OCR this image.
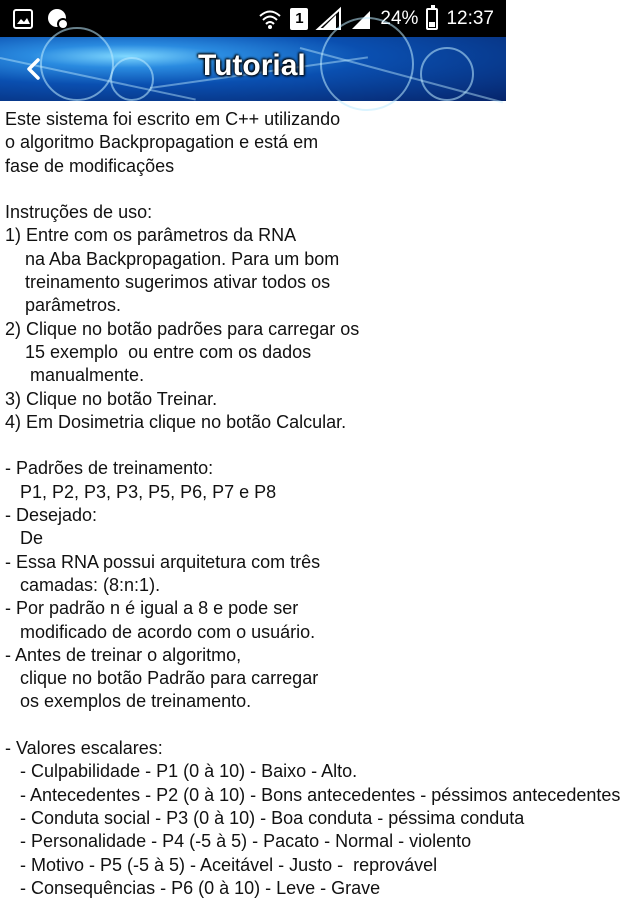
1	24% 12:37
Tutorial
Este sistema foi escrito em C++ utilizando
o algoritmo Backpropagation e está em
fase de modificações
Instruções de uso:
1) Entre com os parâmetros da RNA
na Aba Backpropagation. Para um bom
treinamento sugerimos ativar todos os
parâmetros.
2) Clique no botão padrões para carregar os
15 exemplo  ou entre com os dados
manualmente.
3) Clique no botão Treinar.
4) Em Dosimetria clique no botão Calcular.
- Padrões de treinamento:
P1, P2, P3, P3, P5, P6, P7 e P8
- Desejado:
De
- Essa RNA possui arquitetura com três
camadas: (8:n:1).
- Por padrão n é igual a 8 e pode ser
modificado de acordo com o usuário.
- Antes de treinar o algoritmo,
clique no botão Padrão para carregar
os exemplos de treinamento.
- Valores escalares:
- Culpabilidade - P1 (0 à 10) - Baixo - Alto.
- Antecedentes - P2 (0 à 10) - Bons antecedentes - péssimos antecedentes
- Conduta social - P3 (0 à 10) - Boa conduta - péssima conduta
- Personalidade - P4 (-5 à 5) - Pacato - Normal - violento
- Motivo - P5 (-5 à 5) - Aceitável - Justo -  reprovável
- Consequências - P6 (0 à 10) - Leve - Grave
